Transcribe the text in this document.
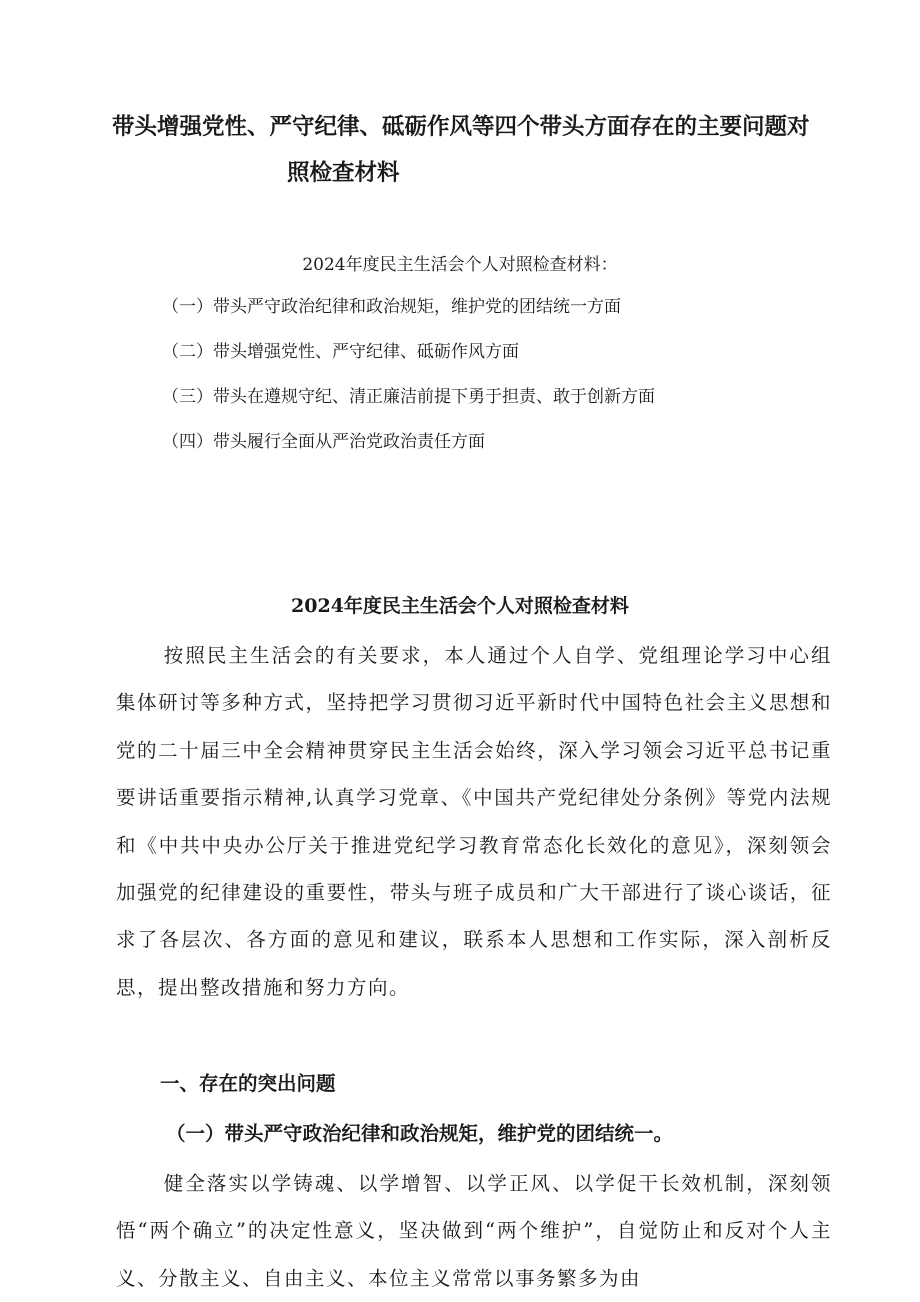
带头增强党性、严守纪律、砥砺作风等四个带头方面存在的主要问题对
照检查材料

2024年度民主生活会个人对照检查材料：

（一）带头严守政治纪律和政治规矩，维护党的团结统一方面
（二）带头增强党性、严守纪律、砥砺作风方面
（三）带头在遵规守纪、清正廉洁前提下勇于担责、敢于创新方面
（四）带头履行全面从严治党政治责任方面
2024年度民主生活会个人对照检查材料

按照民主生活会的有关要求，本人通过个人自学、党组理论学习中心组集体研讨等多种方式，坚持把学习贯彻习近平新时代中国特色社会主义思想和党的二十届三中全会精神贯穿民主生活会始终，深入学习领会习近平总书记重要讲话重要指示精神,认真学习党章、《中国共产党纪律处分条例》等党内法规和《中共中央办公厅关于推进党纪学习教育常态化长效化的意见》，深刻领会加强党的纪律建设的重要性，带头与班子成员和广大干部进行了谈心谈话，征求了各层次、各方面的意见和建议，联系本人思想和工作实际，深入剖析反思，提出整改措施和努力方向。

一、存在的突出问题
（一）带头严守政治纪律和政治规矩，维护党的团结统一。

健全落实以学铸魂、以学增智、以学正风、以学促干长效机制，深刻领悟“两个确立”的决定性意义，坚决做到“两个维护”，自觉防止和反对个人主义、分散主义、自由主义、本位主义常常以事务繁多为由
